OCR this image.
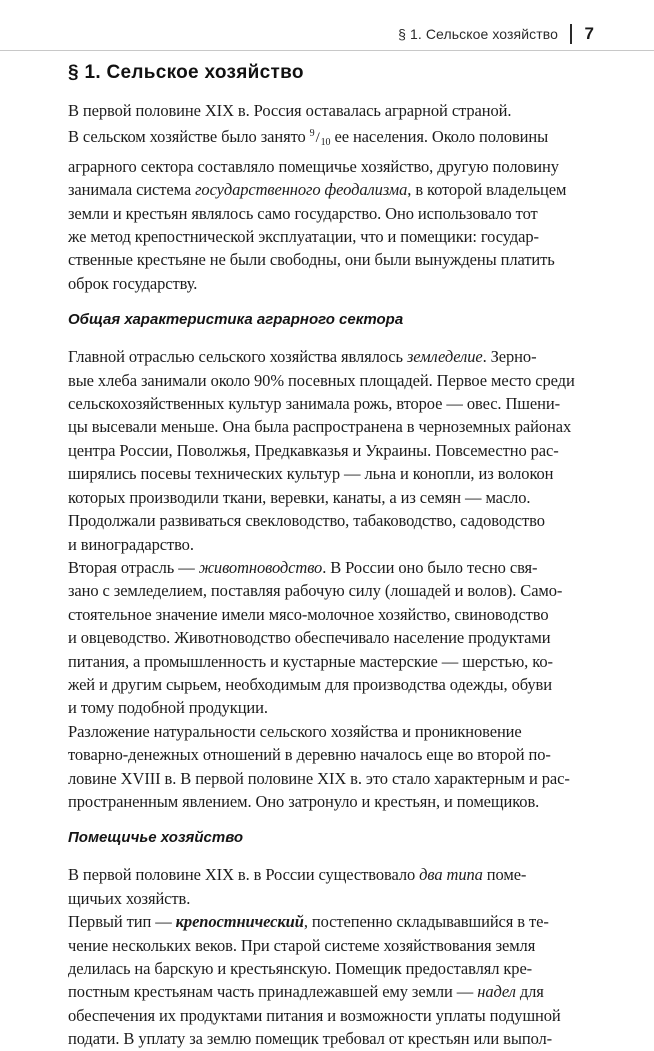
§ 1. Сельское хозяйство 7
§ 1. Сельское хозяйство

В первой половине XIX в. Россия оставалась аграрной страной.
В сельском хозяйстве было занято $^9/_{10}$ ее населения. Около половины
аграрного сектора составляло помещичье хозяйство, другую половину
занимала система государственного феодализма, в которой владельцем
земли и крестьян являлось само государство. Оно использовало тот
же метод крепостнической эксплуатации, что и помещики: государ-
ственные крестьяне не были свободны, они были вынуждены платить
оброк государству.

Общая характеристика аграрного сектора

Главной отраслью сельского хозяйства являлось земледелие. Зерно-
вые хлеба занимали около 90% посевных площадей. Первое место среди
сельскохозяйственных культур занимала рожь, второе — овес. Пшени-
цы высевали меньше. Она была распространена в черноземных районах
центра России, Поволжья, Предкавказья и Украины. Повсеместно рас-
ширялись посевы технических культур — льна и конопли, из волокон
которых производили ткани, веревки, канаты, а из семян — масло.
Продолжали развиваться свекловодство, табаководство, садоводство
и виноградарство.

Вторая отрасль — животноводство. В России оно было тесно свя-
зано с земледелием, поставляя рабочую силу (лошадей и волов). Само-
стоятельное значение имели мясо-молочное хозяйство, свиноводство
и овцеводство. Животноводство обеспечивало население продуктами
питания, а промышленность и кустарные мастерские — шерстью, ко-
жей и другим сырьем, необходимым для производства одежды, обуви
и тому подобной продукции.

Разложение натуральности сельского хозяйства и проникновение
товарно-денежных отношений в деревню началось еще во второй по-
ловине XVIII в. В первой половине XIX в. это стало характерным и рас-
пространенным явлением. Оно затронуло и крестьян, и помещиков.

Помещичье хозяйство

В первой половине XIX в. в России существовало два типа поме-
щичьих хозяйств.

Первый тип — крепостнический, постепенно складывавшийся в те-
чение нескольких веков. При старой системе хозяйствования земля
делилась на барскую и крестьянскую. Помещик предоставлял кре-
постным крестьянам часть принадлежавшей ему земли — надел для
обеспечения их продуктами питания и возможности уплаты подушной
подати. В уплату за землю помещик требовал от крестьян или выпол-
